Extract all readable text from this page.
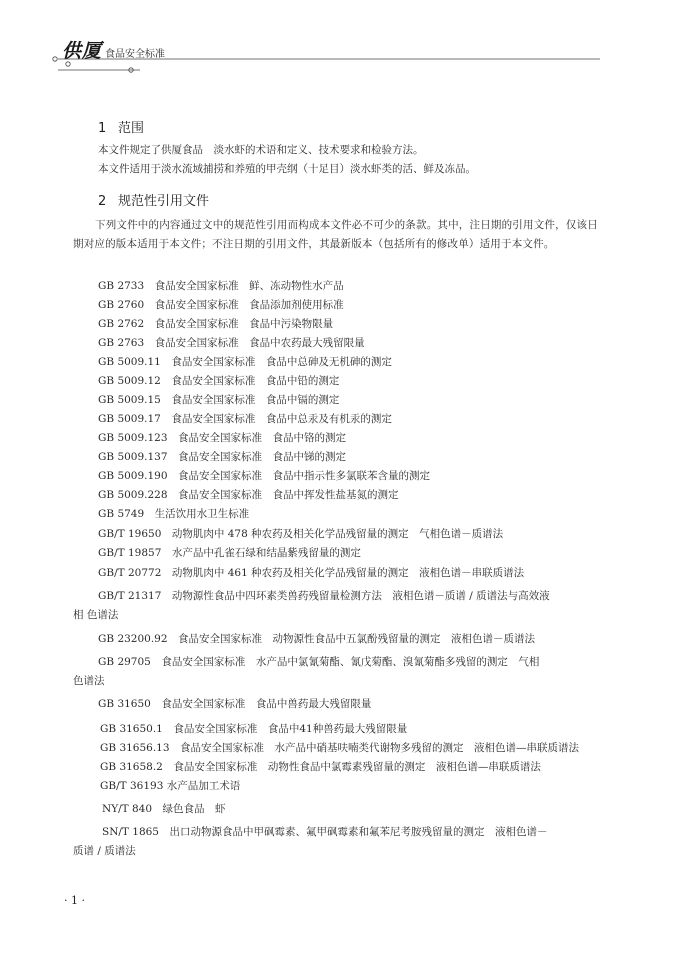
供厦 食品安全标准
1 范围
本文件规定了供厦食品　淡水虾的术语和定义、技术要求和检验方法。
本文件适用于淡水流域捕捞和养殖的甲壳纲（十足目）淡水虾类的活、鲜及冻品。
2 规范性引用文件
下列文件中的内容通过文中的规范性引用而构成本文件必不可少的条款。其中，注日期的引用文件，仅该日期对应的版本适用于本文件；不注日期的引用文件，其最新版本（包括所有的修改单）适用于本文件。
GB 2733　食品安全国家标准　鲜、冻动物性水产品
GB 2760　食品安全国家标准　食品添加剂使用标准
GB 2762　食品安全国家标准　食品中污染物限量
GB 2763　食品安全国家标准　食品中农药最大残留限量
GB 5009.11　食品安全国家标准　食品中总砷及无机砷的测定
GB 5009.12　食品安全国家标准　食品中铅的测定
GB 5009.15　食品安全国家标准　食品中镉的测定
GB 5009.17　食品安全国家标准　食品中总汞及有机汞的测定
GB 5009.123　食品安全国家标准　食品中铬的测定
GB 5009.137　食品安全国家标准　食品中锑的测定
GB 5009.190　食品安全国家标准　食品中指示性多氯联苯含量的测定
GB 5009.228　食品安全国家标准　食品中挥发性盐基氮的测定
GB 5749　生活饮用水卫生标准
GB/T 19650　动物肌肉中 478 种农药及相关化学品残留量的测定　气相色谱－质谱法
GB/T 19857　水产品中孔雀石绿和结晶紫残留量的测定
GB/T 20772　动物肌肉中 461 种农药及相关化学品残留量的测定　液相色谱－串联质谱法
GB/T 21317　动物源性食品中四环素类兽药残留量检测方法　液相色谱－质谱 / 质谱法与高效液
相 色谱法
GB 23200.92　食品安全国家标准　动物源性食品中五氯酚残留量的测定　液相色谱－质谱法
GB 29705　食品安全国家标准　水产品中氯氰菊酯、氰戊菊酯、溴氰菊酯多残留的测定　气相
色谱法
GB 31650　食品安全国家标准　食品中兽药最大残留限量
GB 31650.1　食品安全国家标准　食品中41种兽药最大残留限量
GB 31656.13　食品安全国家标准　水产品中硝基呋喃类代谢物多残留的测定　液相色谱—串联质谱法
GB 31658.2　食品安全国家标准　动物性食品中氯霉素残留量的测定　液相色谱—串联质谱法
GB/T 36193 水产品加工术语
NY/T 840　绿色食品　虾
SN/T 1865　出口动物源食品中甲砜霉素、氟甲砜霉素和氟苯尼考胺残留量的测定　液相色谱－
质谱 / 质谱法
· 1 ·
